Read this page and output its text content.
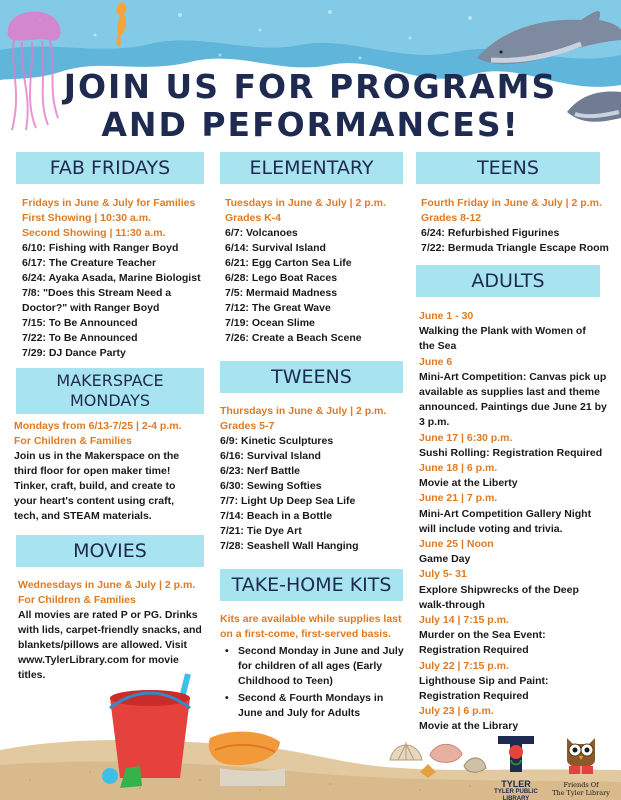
JOIN US FOR PROGRAMS
AND PEFORMANCES!
FAB FRIDAYS
Fridays in June & July for Families
First Showing | 10:30 a.m.
Second Showing | 11:30 a.m.
6/10: Fishing with Ranger Boyd
6/17: The Creature Teacher
6/24: Ayaka Asada, Marine Biologist
7/8: "Does this Stream Need a
Doctor?" with Ranger Boyd
7/15: To Be Announced
7/22: To Be Announced
7/29: DJ Dance Party
MAKERSPACE
MONDAYS
Mondays from 6/13-7/25 | 2-4 p.m.
For Children & Families
Join us in the Makerspace on the
third floor for open maker time!
Tinker, craft, build, and create to
your heart's content using craft,
tech, and STEAM materials.
MOVIES
Wednesdays in June & July | 2 p.m.
For Children & Families
All movies are rated P or PG. Drinks
with lids, carpet-friendly snacks, and
blankets/pillows are allowed. Visit
www.TylerLibrary.com for movie
titles.
ELEMENTARY
Tuesdays in June & July | 2 p.m.
Grades K-4
6/7: Volcanoes
6/14: Survival Island
6/21: Egg Carton Sea Life
6/28: Lego Boat Races
7/5: Mermaid Madness
7/12: The Great Wave
7/19: Ocean Slime
7/26: Create a Beach Scene
TWEENS
Thursdays in June & July | 2 p.m.
Grades 5-7
6/9: Kinetic Sculptures
6/16: Survival Island
6/23: Nerf Battle
6/30: Sewing Softies
7/7: Light Up Deep Sea Life
7/14: Beach in a Bottle
7/21: Tie Dye Art
7/28: Seashell Wall Hanging
TAKE-HOME KITS
Kits are available while supplies last
on a first-come, first-served basis.
• Second Monday in June and July for children of all ages (Early Childhood to Teen)
• Second & Fourth Mondays in June and July for Adults
TEENS
Fourth Friday in June & July | 2 p.m.
Grades 8-12
6/24: Refurbished Figurines
7/22: Bermuda Triangle Escape Room
ADULTS
June 1 - 30
Walking the Plank with Women of
the Sea
June 6
Mini-Art Competition: Canvas pick up
available as supplies last and theme
announced. Paintings due June 21 by
3 p.m.
June 17 | 6:30 p.m.
Sushi Rolling: Registration Required
June 18 | 6 p.m.
Movie at the Liberty
June 21 | 7 p.m.
Mini-Art Competition Gallery Night
will include voting and trivia.
June 25 | Noon
Game Day
July 5- 31
Explore Shipwrecks of the Deep
walk-through
July 14 | 7:15 p.m.
Murder on the Sea Event:
Registration Required
July 22 | 7:15 p.m.
Lighthouse Sip and Paint:
Registration Required
July 23 | 6 p.m.
Movie at the Library
TYLER
TYLER PUBLIC
LIBRARY
Friends Of
The Tyler Library
